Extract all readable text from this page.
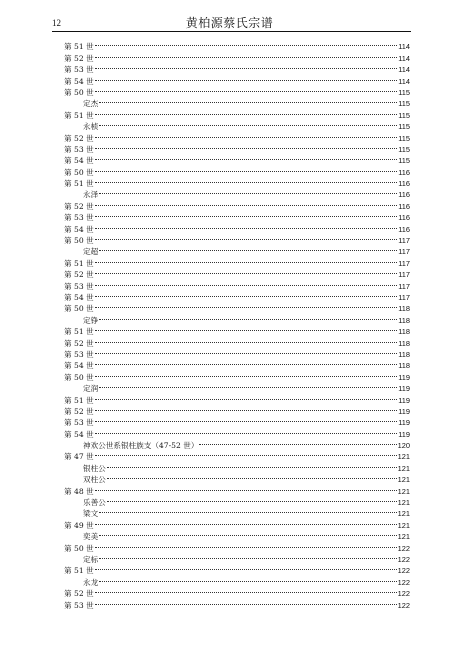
12	黄柏源蔡氏宗谱
第 51 世	114
第 52 世	114
第 53 世	114
第 54 世	114
第 50 世	115
定杰	115
第 51 世	115
永桢	115
第 52 世	115
第 53 世	115
第 54 世	115
第 50 世	116
第 51 世	116
永泽	116
第 52 世	116
第 53 世	116
第 54 世	116
第 50 世	117
定超	117
第 51 世	117
第 52 世	117
第 53 世	117
第 54 世	117
第 50 世	118
定铮	118
第 51 世	118
第 52 世	118
第 53 世	118
第 54 世	118
第 50 世	119
定润	119
第 51 世	119
第 52 世	119
第 53 世	119
第 54 世	119
神欢公世系银柱族支（47-52 世）	120
第 47 世	121
银柱公	121
双柱公	121
第 48 世	121
乐善公	121
梁文	121
第 49 世	121
奕美	121
第 50 世	122
定标	122
第 51 世	122
永龙	122
第 52 世	122
第 53 世	122
